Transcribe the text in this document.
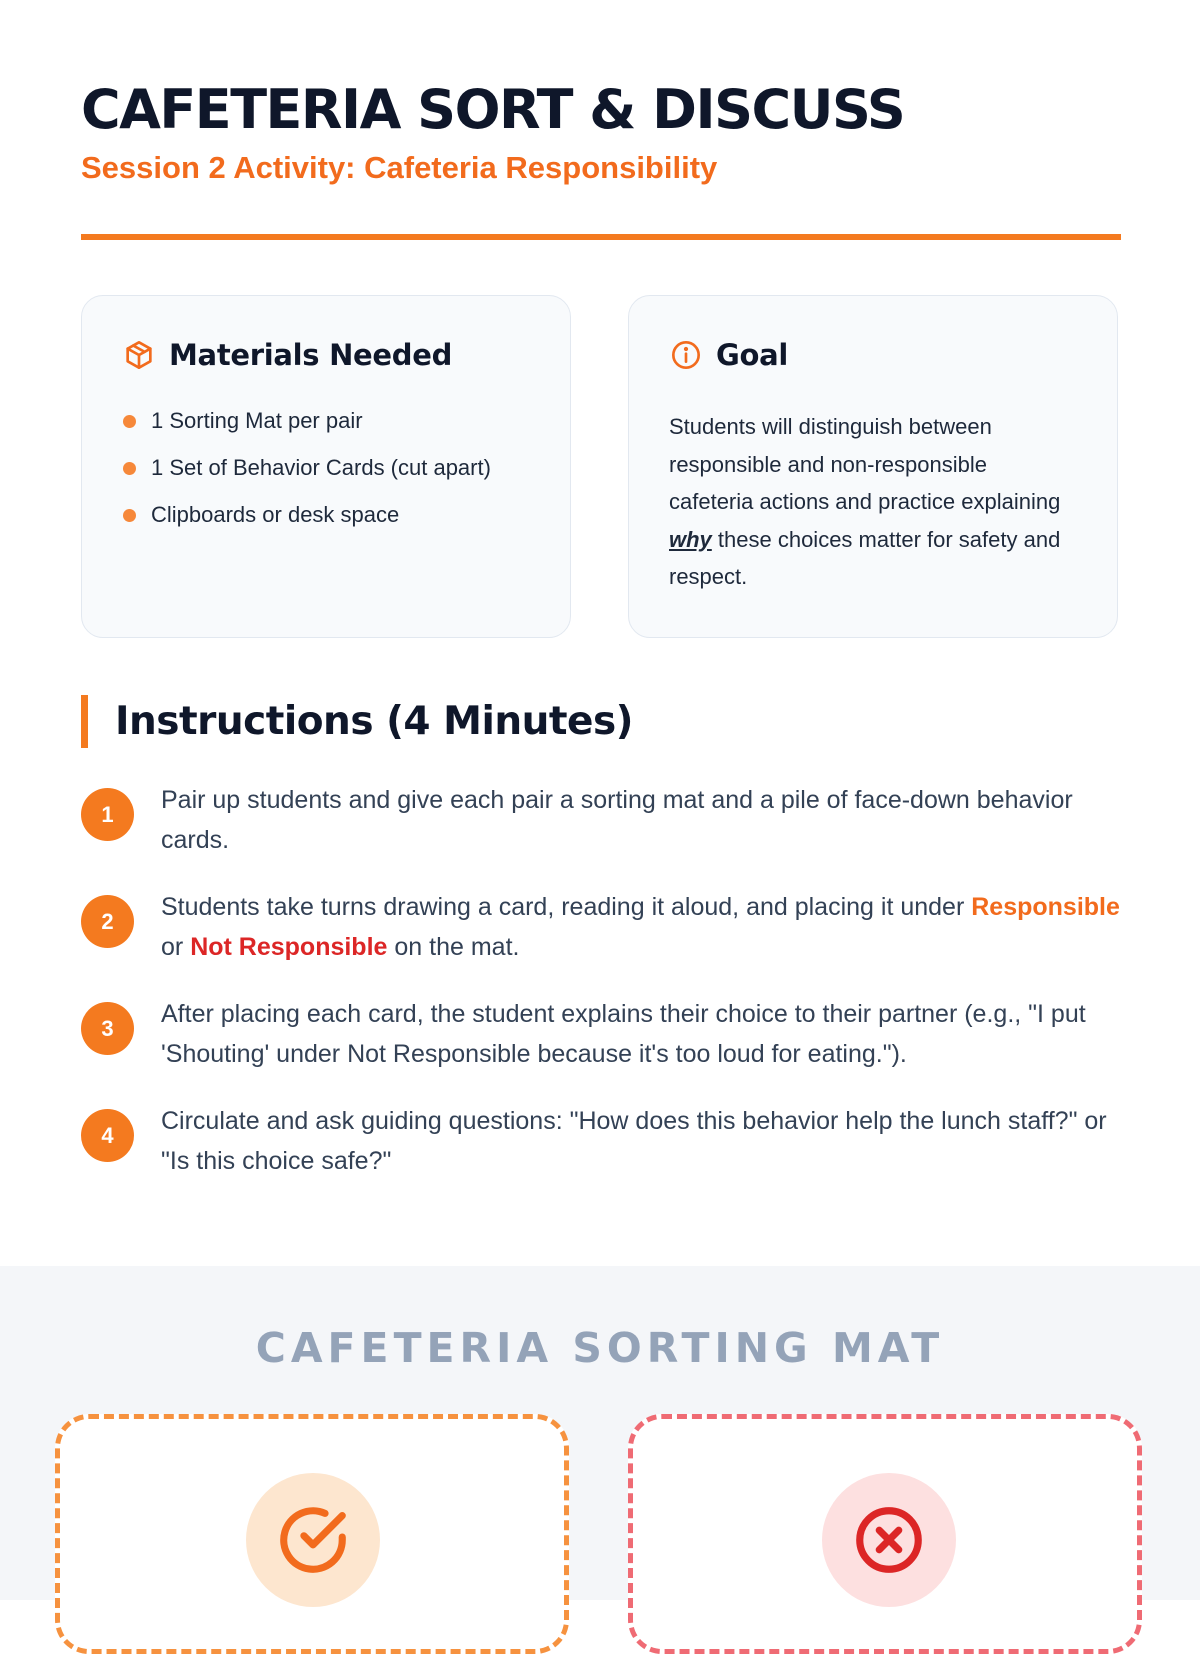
CAFETERIA SORT & DISCUSS
Session 2 Activity: Cafeteria Responsibility
Materials Needed
1 Sorting Mat per pair
1 Set of Behavior Cards (cut apart)
Clipboards or desk space
Goal

Students will distinguish between responsible and non-responsible cafeteria actions and practice explaining why these choices matter for safety and respect.

Instructions (4 Minutes)
1	Pair up students and give each pair a sorting mat and a pile of face-down behavior cards.
2	Students take turns drawing a card, reading it aloud, and placing it under Responsible or Not Responsible on the mat.
3	After placing each card, the student explains their choice to their partner (e.g., "I put 'Shouting' under Not Responsible because it's too loud for eating.").
4	Circulate and ask guiding questions: "How does this behavior help the lunch staff?" or "Is this choice safe?"
CAFETERIA SORTING MAT
